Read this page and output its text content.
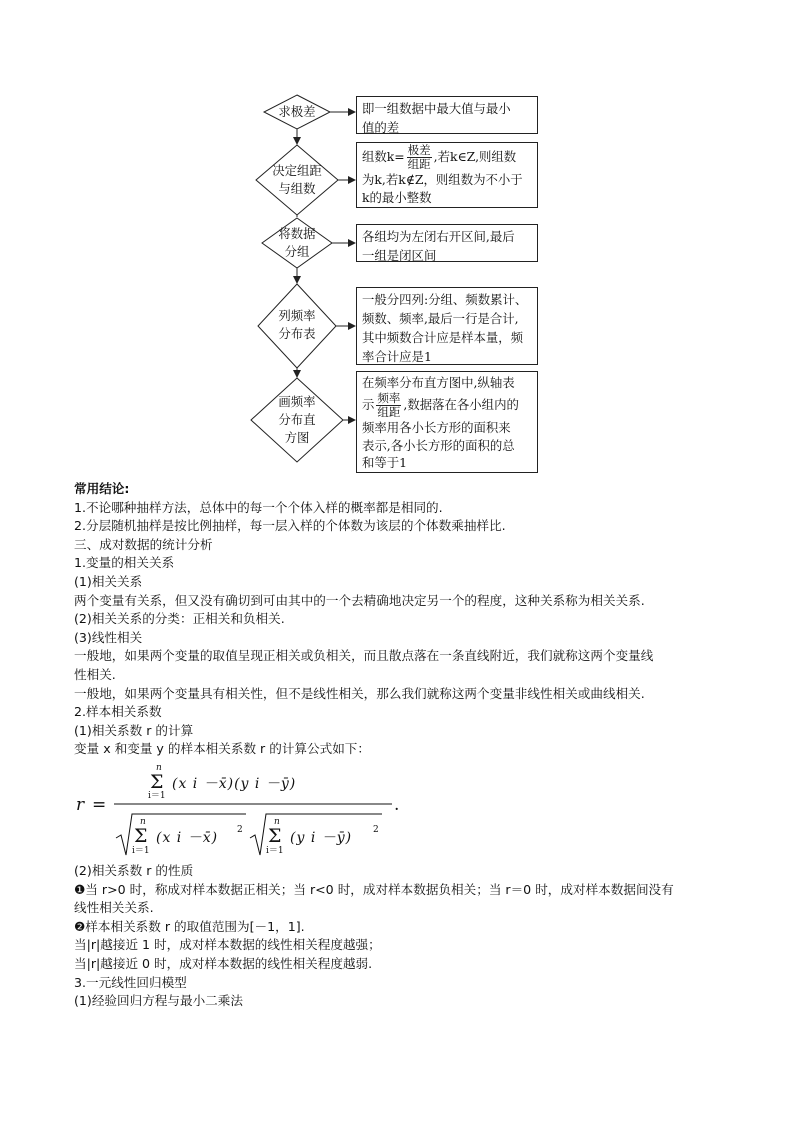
求极差
决定组距
与组数
将数据
分组
列频率
分布表
画频率
分布直
方图
即一组数据中最大值与最小
值的差
组数$k= \frac{\text{极差}}{\text{组距}}$ ,若k∈Z,则组数
为k,若k∉Z，则组数为不小于
k的最小整数
各组均为左闭右开区间,最后
一组是闭区间
一般分四列:分组、频数累计、
频数、频率,最后一行是合计,
其中频数合计应是样本量，频
率合计应是1
在频率分布直方图中,纵轴表
示 $\frac{\text{频率}}{\text{组距}}$ ,数据落在各小组内的
频率用各小长方形的面积来
表示,各小长方形的面积的总
和等于1
常用结论:
1.不论哪种抽样方法，总体中的每一个个体入样的概率都是相同的.
2.分层随机抽样是按比例抽样，每一层入样的个体数为该层的个体数乘抽样比.
三、成对数据的统计分析
1.变量的相关关系
(1)相关关系
两个变量有关系，但又没有确切到可由其中的一个去精确地决定另一个的程度，这种关系称为相关关系.
(2)相关关系的分类：正相关和负相关.
(3)线性相关
一般地，如果两个变量的取值呈现正相关或负相关，而且散点落在一条直线附近，我们就称这两个变量线
性相关.
一般地，如果两个变量具有相关性，但不是线性相关，那么我们就称这两个变量非线性相关或曲线相关.
2.样本相关系数
(1)相关系数 r 的计算
变量 x 和变量 y 的样本相关系数 r 的计算公式如下：
r =
n
Σ
i＝1
(x i －x̄)(y i －ȳ)
.
n
Σ
i＝1
(x i －x̄) 2
n
Σ
i＝1
(y i －ȳ) 2
(2)相关系数 r 的性质
❶当 r>0 时，称成对样本数据正相关；当 r<0 时，成对样本数据负相关；当 r＝0 时，成对样本数据间没有
线性相关关系.
❷样本相关系数 r 的取值范围为[－1，1].
当|r|越接近 1 时，成对样本数据的线性相关程度越强；
当|r|越接近 0 时，成对样本数据的线性相关程度越弱.
3.一元线性回归模型
(1)经验回归方程与最小二乘法
